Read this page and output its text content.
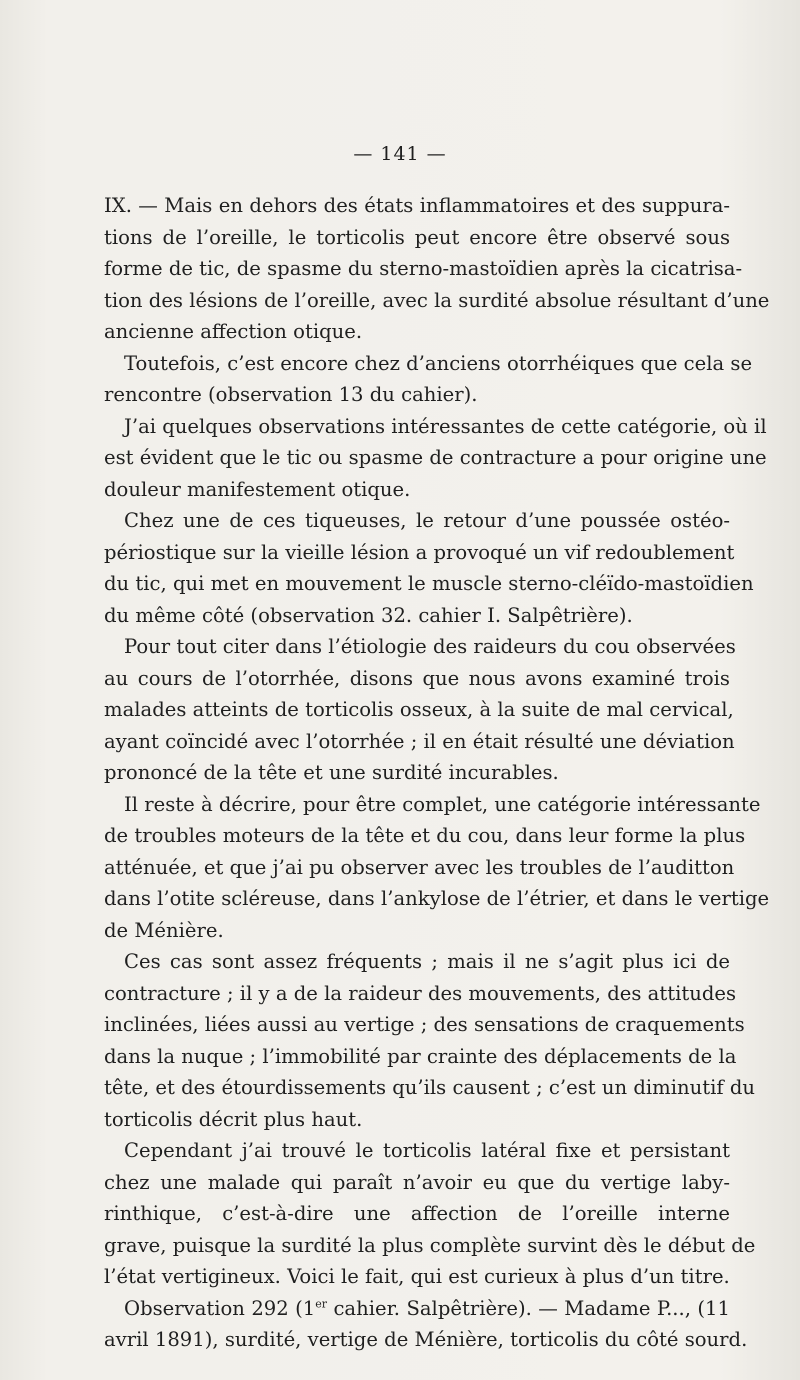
— 141 —
IX. — Mais en dehors des états inflammatoires et des suppura-
tions de l’oreille, le torticolis peut encore être observé sous
forme de tic, de spasme du sterno-mastoïdien après la cicatrisa-
tion des lésions de l’oreille, avec la surdité absolue résultant d’une
ancienne affection otique.
Toutefois, c’est encore chez d’anciens otorrhéiques que cela se
rencontre (observation 13 du cahier).
J’ai quelques observations intéressantes de cette catégorie, où il
est évident que le tic ou spasme de contracture a pour origine une
douleur manifestement otique.
Chez une de ces tiqueuses, le retour d’une poussée ostéo-
périostique sur la vieille lésion a provoqué un vif redoublement
du tic, qui met en mouvement le muscle sterno-cléïdo-mastoïdien
du même côté (observation 32. cahier I. Salpêtrière).
Pour tout citer dans l’étiologie des raideurs du cou observées
au cours de l’otorrhée, disons que nous avons examiné trois
malades atteints de torticolis osseux, à la suite de mal cervical,
ayant coïncidé avec l’otorrhée ; il en était résulté une déviation
prononcé de la tête et une surdité incurables.
Il reste à décrire, pour être complet, une catégorie intéressante
de troubles moteurs de la tête et du cou, dans leur forme la plus
atténuée, et que j’ai pu observer avec les troubles de l’auditton
dans l’otite scléreuse, dans l’ankylose de l’étrier, et dans le vertige
de Ménière.
Ces cas sont assez fréquents ; mais il ne s’agit plus ici de
contracture ; il y a de la raideur des mouvements, des attitudes
inclinées, liées aussi au vertige ; des sensations de craquements
dans la nuque ; l’immobilité par crainte des déplacements de la
tête, et des étourdissements qu’ils causent ; c’est un diminutif du
torticolis décrit plus haut.
Cependant j’ai trouvé le torticolis latéral fixe et persistant
chez une malade qui paraît n’avoir eu que du vertige laby-
rinthique, c’est-à-dire une affection de l’oreille interne
grave, puisque la surdité la plus complète survint dès le début de
l’état vertigineux. Voici le fait, qui est curieux à plus d’un titre.
Observation 292 (1er cahier. Salpêtrière). — Madame P..., (11
avril 1891), surdité, vertige de Ménière, torticolis du côté sourd.
